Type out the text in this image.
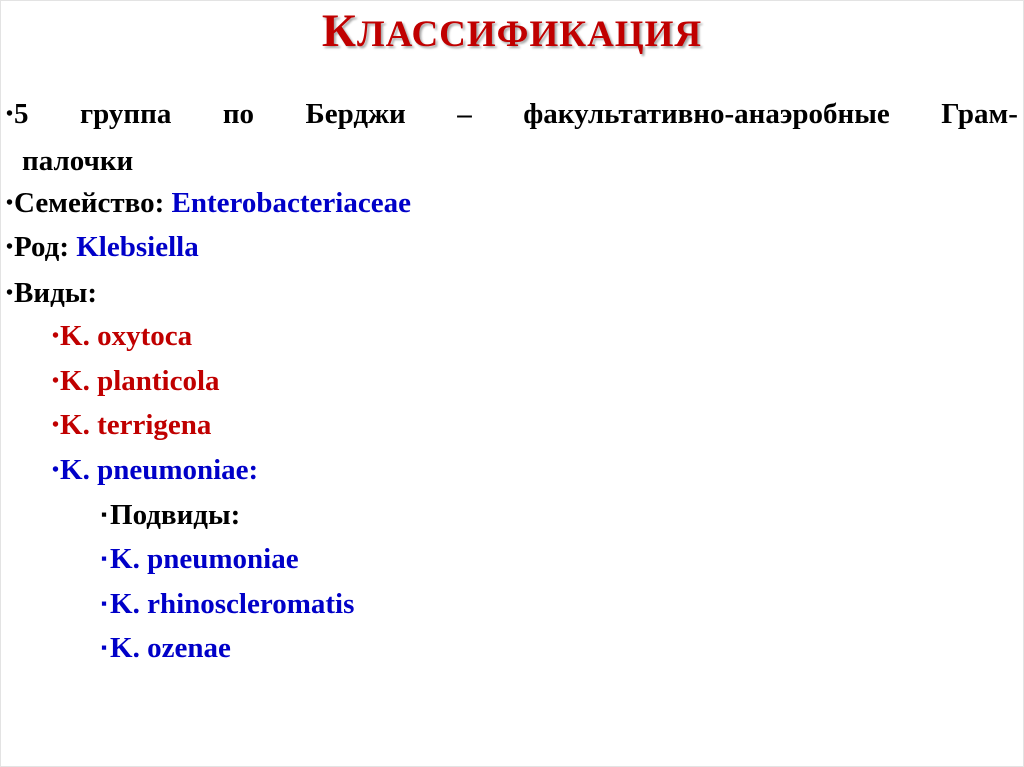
КЛАССИФИКАЦИЯ
•5 группа по Берджи – факультативно-анаэробные Грам-
палочки
•Семейство: Enterobacteriaceae
•Род: Klebsiella
•Виды:
•K. oxytoca
•K. planticola
•K. terrigena
•K. pneumoniae:
▪ Подвиды:
▪ K. pneumoniae
▪ K. rhinoscleromatis
▪ K. ozenae
